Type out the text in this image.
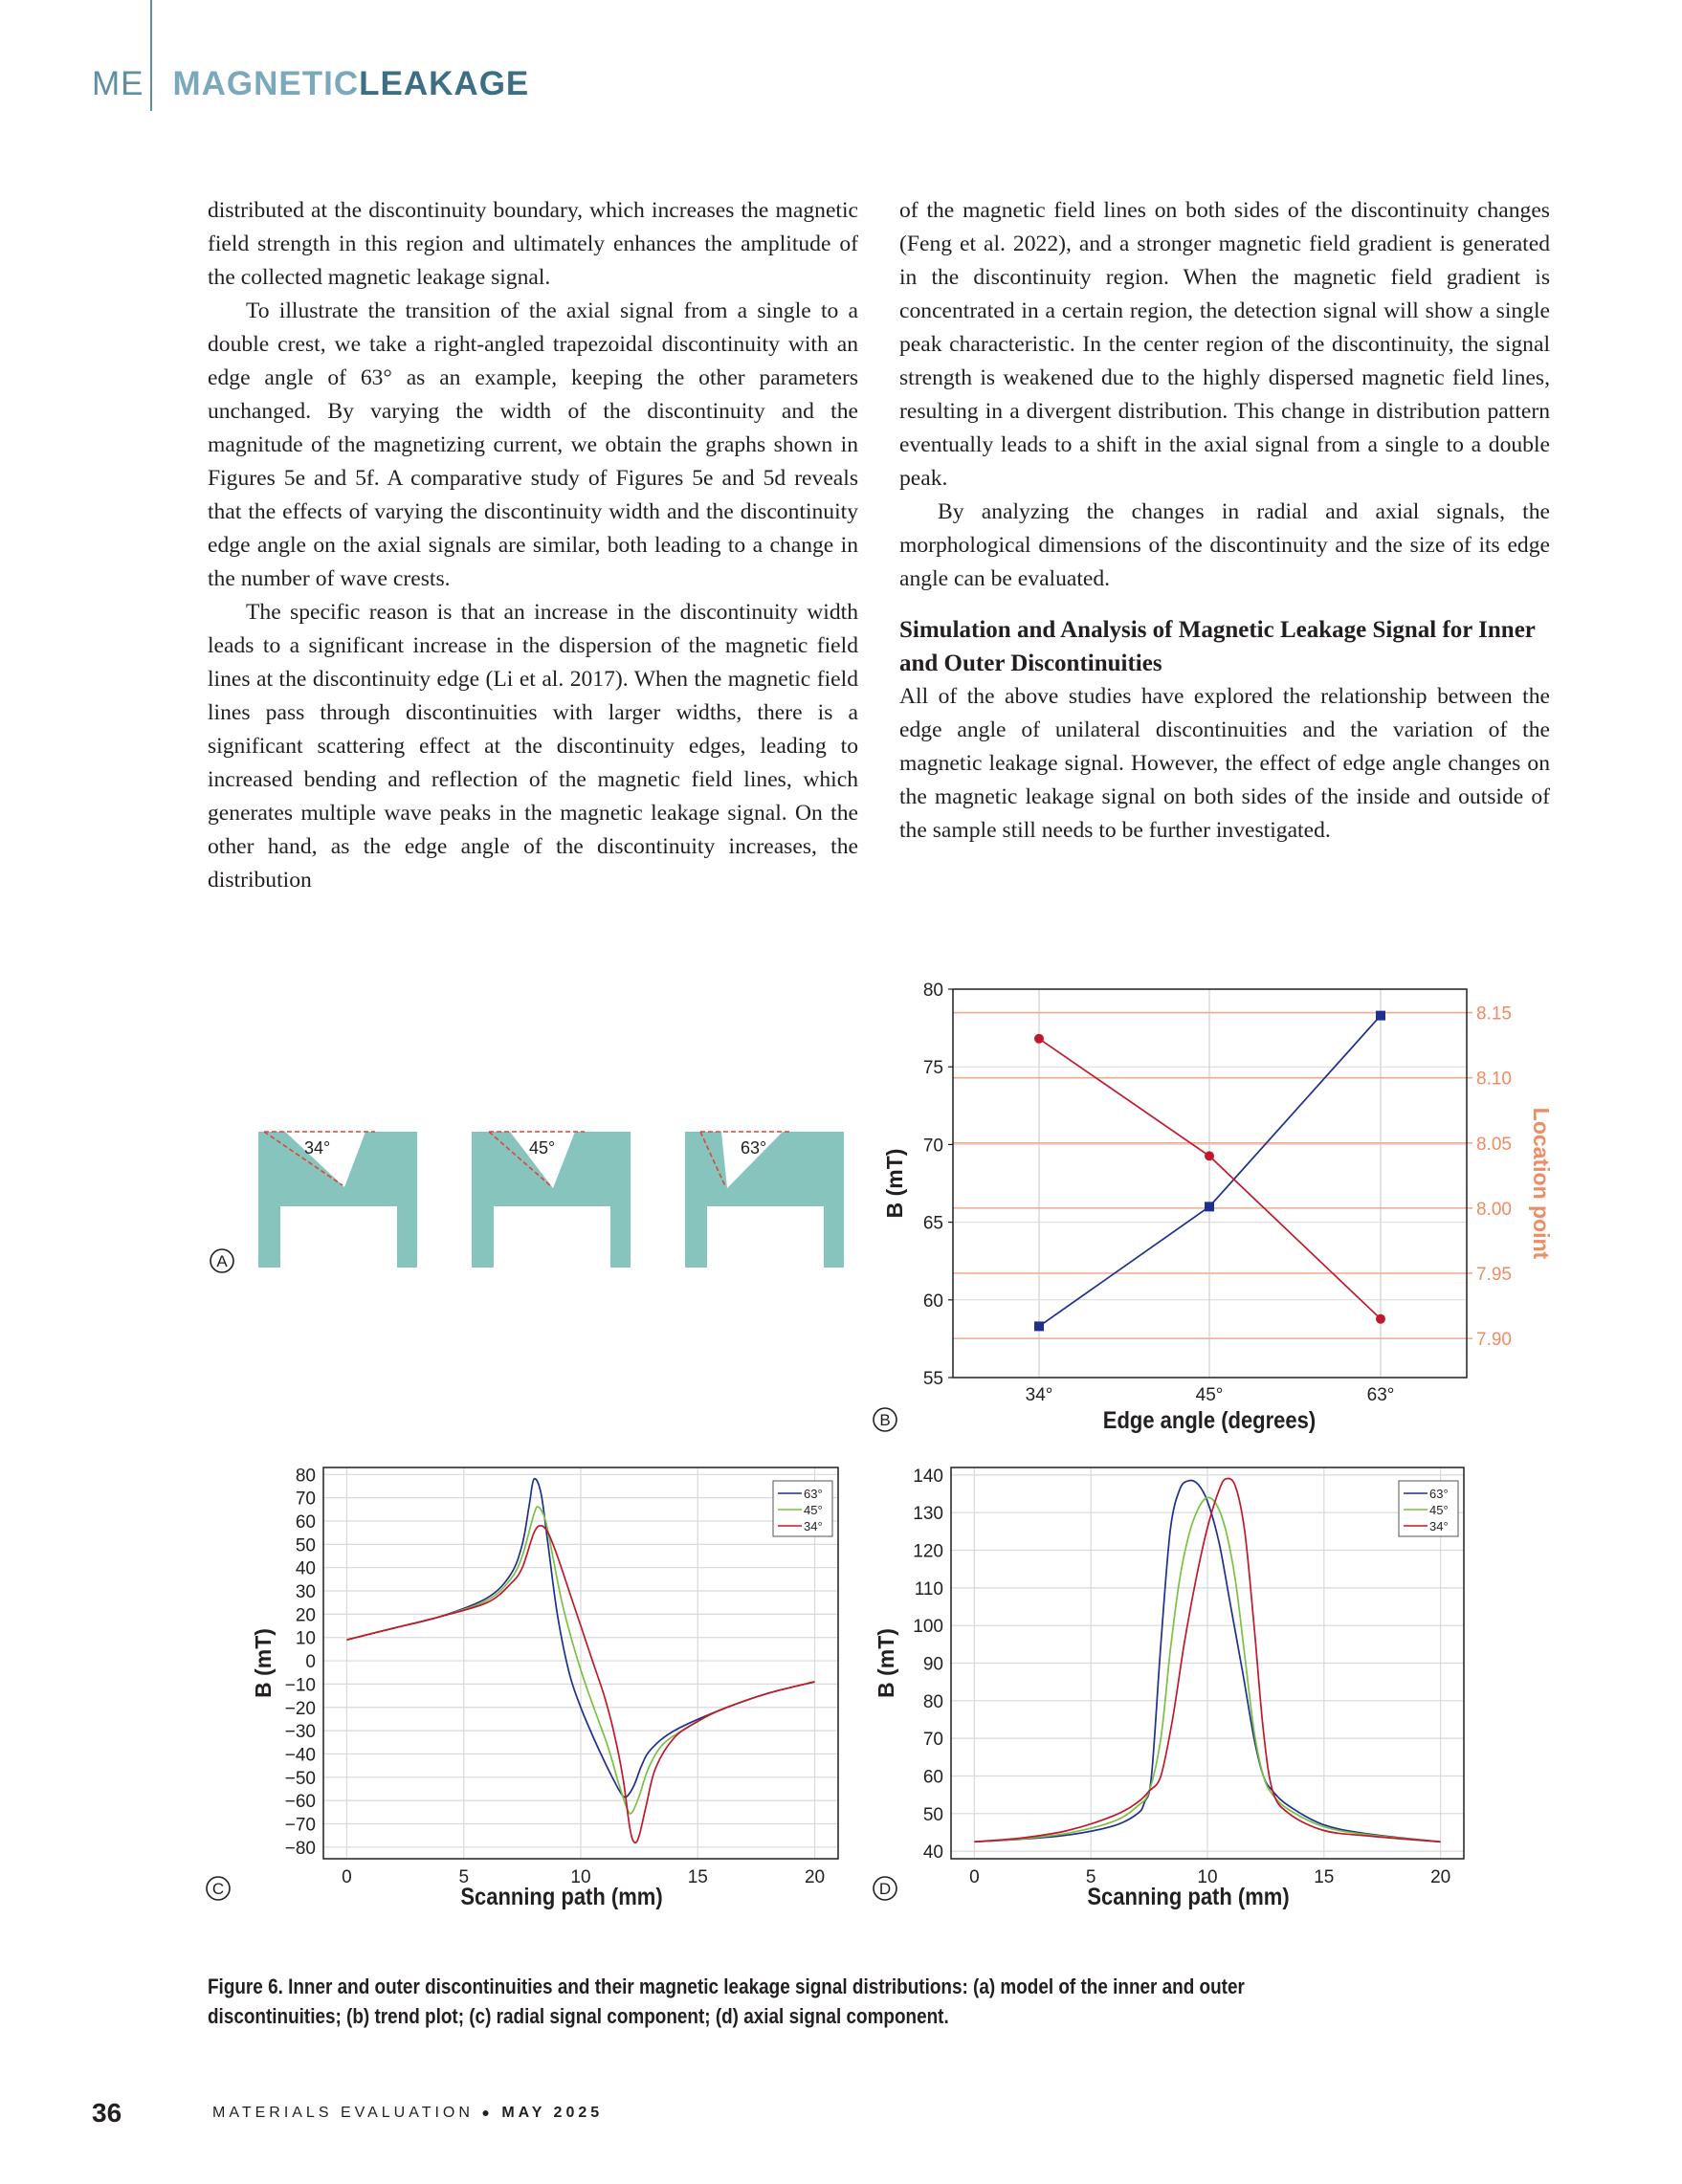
ME MAGNETICLEAKAGE

distributed at the discontinuity boundary, which increases the magnetic field strength in this region and ultimately enhances the amplitude of the collected magnetic leakage signal.

To illustrate the transition of the axial signal from a single to a double crest, we take a right-angled trapezoidal discontinuity with an edge angle of 63° as an example, keeping the other parameters unchanged. By varying the width of the discontinuity and the magnitude of the magnetizing current, we obtain the graphs shown in Figures 5e and 5f. A comparative study of Figures 5e and 5d reveals that the effects of varying the discontinuity width and the discontinuity edge angle on the axial signals are similar, both leading to a change in the number of wave crests.

The specific reason is that an increase in the discontinuity width leads to a significant increase in the dispersion of the magnetic field lines at the discontinuity edge (Li et al. 2017). When the magnetic field lines pass through discontinuities with larger widths, there is a significant scattering effect at the discontinuity edges, leading to increased bending and reflection of the magnetic field lines, which generates multiple wave peaks in the magnetic leakage signal. On the other hand, as the edge angle of the discontinuity increases, the distribution

of the magnetic field lines on both sides of the discontinuity changes (Feng et al. 2022), and a stronger magnetic field gradient is generated in the discontinuity region. When the magnetic field gradient is concentrated in a certain region, the detection signal will show a single peak characteristic. In the center region of the discontinuity, the signal strength is weakened due to the highly dispersed magnetic field lines, resulting in a divergent distribution. This change in distribution pattern eventually leads to a shift in the axial signal from a single to a double peak.

By analyzing the changes in radial and axial signals, the morphological dimensions of the discontinuity and the size of its edge angle can be evaluated.

Simulation and Analysis of Magnetic Leakage Signal for Inner and Outer Discontinuities

All of the above studies have explored the relationship between the edge angle of unilateral discontinuities and the variation of the magnetic leakage signal. However, the effect of edge angle changes on the magnetic leakage signal on both sides of the inside and outside of the sample still needs to be further investigated.

34°	45°	63°
A
7.90
7.95
8.00
8.05
8.10
8.15
55
60
65
70
75
80
34°	45°	63°
Edge angle (degrees)
B (mT)	Location point
B
80
70
60
50
40
30
20
10
0
−10
−20
−30
−40
−50
−60
−70
−80
0	5	10	15	20
Scanning path (mm)
B (mT)
63°
45°
34°
C
40
50
60
70
80
90
100
110
120
130
140
0	5	10	15	20
Scanning path (mm)
B (mT)
63°
45°
34°
D
Figure 6. Inner and outer discontinuities and their magnetic leakage signal distributions: (a) model of the inner and outer discontinuities; (b) trend plot; (c) radial signal component; (d) axial signal component.
36	MATERIALS EVALUATION ● MAY 2025
